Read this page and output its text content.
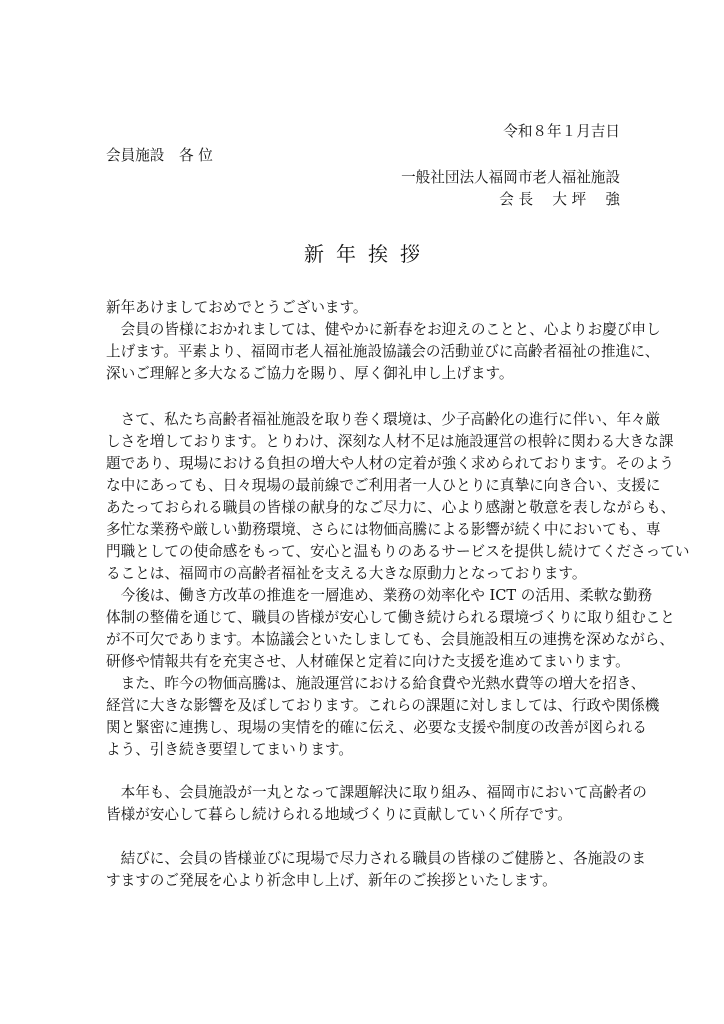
令和８年１月吉日
会員施設　各 位
一般社団法人福岡市老人福祉施設
会 長　 大 坪　 強
新年挨拶
新年あけましておめでとうございます。
　会員の皆様におかれましては、健やかに新春をお迎えのことと、心よりお慶び申し
上げます。平素より、福岡市老人福祉施設協議会の活動並びに高齢者福祉の推進に、
深いご理解と多大なるご協力を賜り、厚く御礼申し上げます。
　さて、私たち高齢者福祉施設を取り巻く環境は、少子高齢化の進行に伴い、年々厳
しさを増しております。とりわけ、深刻な人材不足は施設運営の根幹に関わる大きな課
題であり、現場における負担の増大や人材の定着が強く求められております。そのよう
な中にあっても、日々現場の最前線でご利用者一人ひとりに真摯に向き合い、支援に
あたっておられる職員の皆様の献身的なご尽力に、心より感謝と敬意を表しながらも、
多忙な業務や厳しい勤務環境、さらには物価高騰による影響が続く中においても、専
門職としての使命感をもって、安心と温もりのあるサービスを提供し続けてくださってい
ることは、福岡市の高齢者福祉を支える大きな原動力となっております。
　今後は、働き方改革の推進を一層進め、業務の効率化や ICT の活用、柔軟な勤務
体制の整備を通じて、職員の皆様が安心して働き続けられる環境づくりに取り組むこと
が不可欠であります。本協議会といたしましても、会員施設相互の連携を深めながら、
研修や情報共有を充実させ、人材確保と定着に向けた支援を進めてまいります。
　また、昨今の物価高騰は、施設運営における給食費や光熱水費等の増大を招き、
経営に大きな影響を及ぼしております。これらの課題に対しましては、行政や関係機
関と緊密に連携し、現場の実情を的確に伝え、必要な支援や制度の改善が図られる
よう、引き続き要望してまいります。
　本年も、会員施設が一丸となって課題解決に取り組み、福岡市において高齢者の
皆様が安心して暮らし続けられる地域づくりに貢献していく所存です。
　結びに、会員の皆様並びに現場で尽力される職員の皆様のご健勝と、各施設のま
すますのご発展を心より祈念申し上げ、新年のご挨拶といたします。
